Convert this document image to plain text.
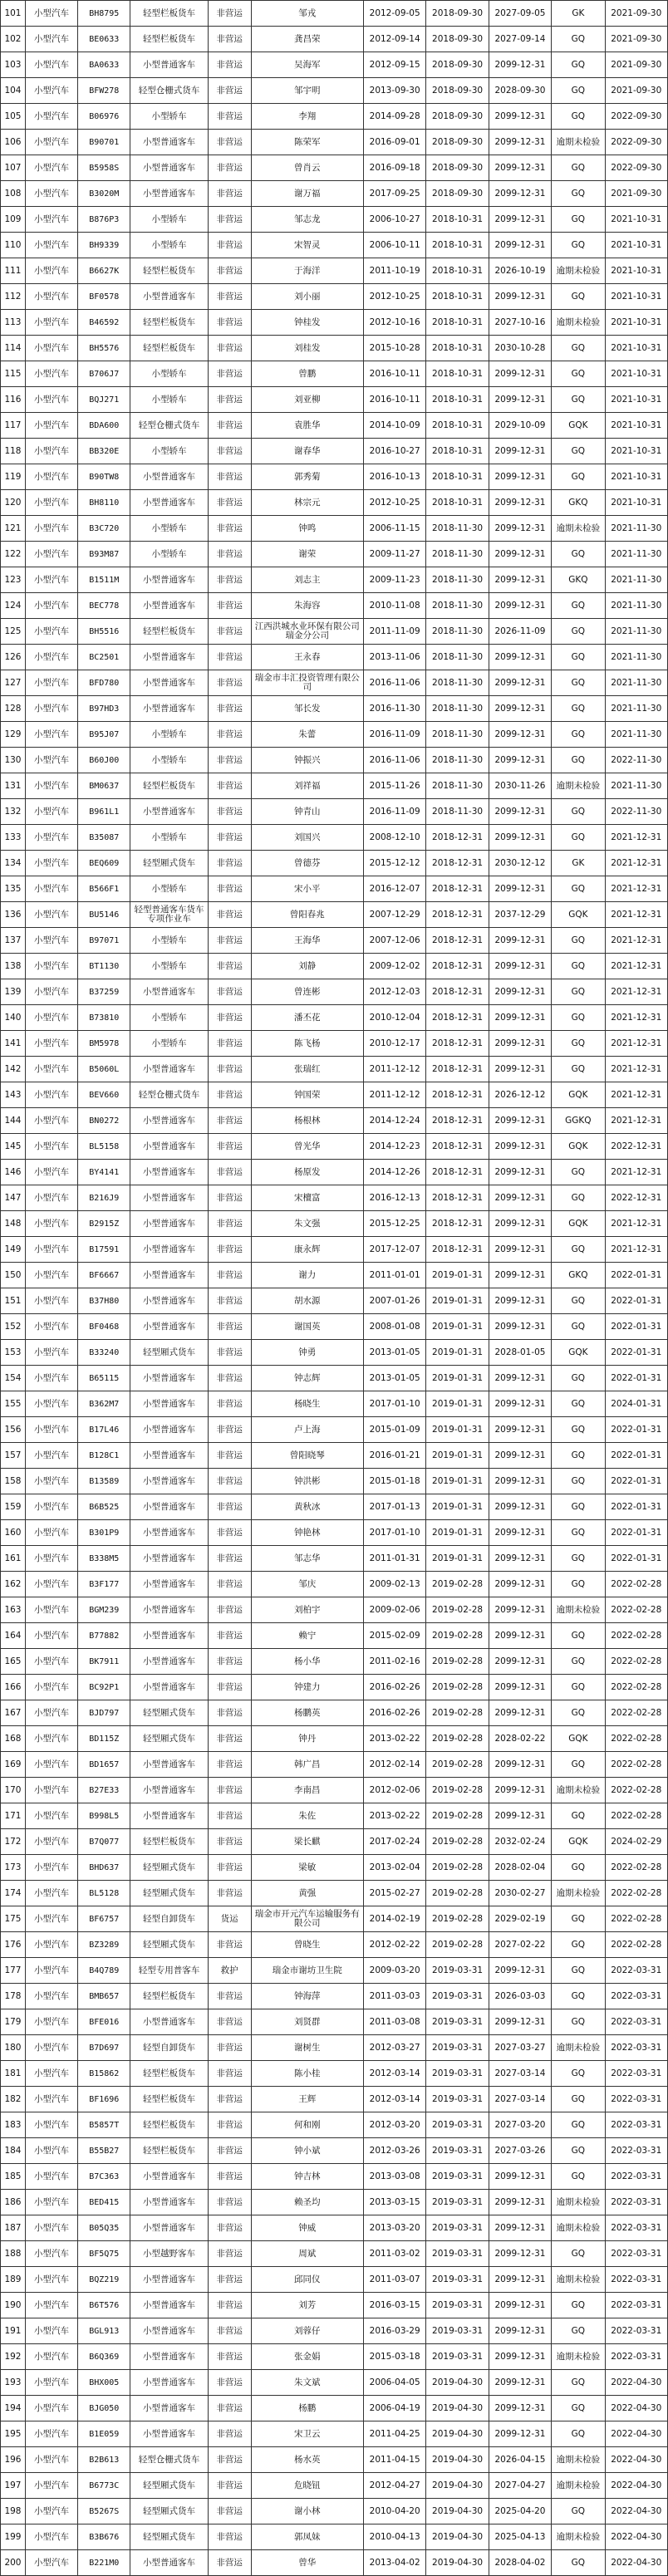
101	小型汽车	BH8795	轻型栏板货车	非营运	邹戎	2012-09-05	2018-09-30	2027-09-05	GK	2021-09-30
102	小型汽车	BE0633	轻型栏板货车	非营运	龚昌荣	2012-09-14	2018-09-30	2027-09-14	GQ	2021-09-30
103	小型汽车	BA0633	小型普通客车	非营运	吴海军	2012-09-15	2018-09-30	2099-12-31	GQ	2021-09-30
104	小型汽车	BFW278	轻型仓栅式货车	非营运	邹宇明	2013-09-30	2018-09-30	2028-09-30	GQ	2021-09-30
105	小型汽车	B06976	小型轿车	非营运	李翔	2014-09-28	2018-09-30	2099-12-31	GQ	2022-09-30
106	小型汽车	B90701	小型普通客车	非营运	陈荣军	2016-09-01	2018-09-30	2099-12-31	逾期未检验	2022-09-30
107	小型汽车	B5958S	小型普通客车	非营运	曾肖云	2016-09-18	2018-09-30	2099-12-31	GQ	2022-09-30
108	小型汽车	B3020M	小型普通客车	非营运	谢万福	2017-09-25	2018-09-30	2099-12-31	GQ	2021-09-30
109	小型汽车	B876P3	小型轿车	非营运	邹志龙	2006-10-27	2018-10-31	2099-12-31	GQ	2021-10-31
110	小型汽车	BH9339	小型轿车	非营运	宋智灵	2006-10-11	2018-10-31	2099-12-31	GQ	2021-10-31
111	小型汽车	B6627K	轻型栏板货车	非营运	于海洋	2011-10-19	2018-10-31	2026-10-19	逾期未检验	2021-10-31
112	小型汽车	BF0578	小型普通客车	非营运	刘小丽	2012-10-25	2018-10-31	2099-12-31	GQ	2021-10-31
113	小型汽车	B46592	轻型栏板货车	非营运	钟桂发	2012-10-16	2018-10-31	2027-10-16	逾期未检验	2021-10-31
114	小型汽车	BH5576	轻型栏板货车	非营运	刘桂发	2015-10-28	2018-10-31	2030-10-28	GQ	2021-10-31
115	小型汽车	B706J7	小型轿车	非营运	曾鹏	2016-10-11	2018-10-31	2099-12-31	GQ	2021-10-31
116	小型汽车	BQJ271	小型轿车	非营运	刘亚柳	2016-10-11	2018-10-31	2099-12-31	GQ	2021-10-31
117	小型汽车	BDA600	轻型仓栅式货车	非营运	袁胜华	2014-10-09	2018-10-31	2029-10-09	GQK	2021-10-31
118	小型汽车	BB320E	小型轿车	非营运	谢春华	2016-10-27	2018-10-31	2099-12-31	GQ	2021-10-31
119	小型汽车	B90TW8	小型普通客车	非营运	郭秀菊	2016-10-13	2018-10-31	2099-12-31	GQ	2021-10-31
120	小型汽车	BH8110	小型普通客车	非营运	林宗元	2012-10-25	2018-10-31	2099-12-31	GKQ	2021-10-31
121	小型汽车	B3C720	小型轿车	非营运	钟鸣	2006-11-15	2018-11-30	2099-12-31	逾期未检验	2021-11-30
122	小型汽车	B93M87	小型轿车	非营运	谢荣	2009-11-27	2018-11-30	2099-12-31	GQ	2021-11-30
123	小型汽车	B1511M	小型普通客车	非营运	刘志主	2009-11-23	2018-11-30	2099-12-31	GKQ	2021-11-30
124	小型汽车	BEC778	小型普通客车	非营运	朱海容	2010-11-08	2018-11-30	2099-12-31	GQ	2021-11-30
125	小型汽车	BH5516	轻型栏板货车	非营运	江西洪城水业环保有限公司瑞金分公司	2011-11-09	2018-11-30	2026-11-09	GQ	2021-11-30
126	小型汽车	BC2501	小型普通客车	非营运	王永春	2013-11-06	2018-11-30	2099-12-31	GQ	2021-11-30
127	小型汽车	BFD780	小型普通客车	非营运	瑞金市丰汇投资管理有限公司	2016-11-06	2018-11-30	2099-12-31	GQ	2021-11-30
128	小型汽车	B97HD3	小型普通客车	非营运	邹长发	2016-11-30	2018-11-30	2099-12-31	GQ	2021-11-30
129	小型汽车	B95J07	小型轿车	非营运	朱蕾	2016-11-09	2018-11-30	2099-12-31	GQ	2021-11-30
130	小型汽车	B60J00	小型轿车	非营运	钟振兴	2016-11-06	2018-11-30	2099-12-31	GQ	2022-11-30
131	小型汽车	BM0637	轻型栏板货车	非营运	刘祥福	2015-11-26	2018-11-30	2030-11-26	逾期未检验	2021-11-30
132	小型汽车	B961L1	小型普通客车	非营运	钟青山	2016-11-09	2018-11-30	2099-12-31	GQ	2022-11-30
133	小型汽车	B35087	小型轿车	非营运	刘国兴	2008-12-10	2018-12-31	2099-12-31	GQ	2021-12-31
134	小型汽车	BEQ609	轻型厢式货车	非营运	曾德芬	2015-12-12	2018-12-31	2030-12-12	GK	2021-12-31
135	小型汽车	B566F1	小型轿车	非营运	宋小平	2016-12-07	2018-12-31	2099-12-31	GQ	2021-12-31
136	小型汽车	BU5146	轻型普通客车货车专项作业车	非营运	曾阳春兆	2007-12-29	2018-12-31	2037-12-29	GQK	2021-12-31
137	小型汽车	B97071	小型轿车	非营运	王海华	2007-12-06	2018-12-31	2099-12-31	GQ	2021-12-31
138	小型汽车	BT1130	小型轿车	非营运	刘静	2009-12-02	2018-12-31	2099-12-31	GQ	2021-12-31
139	小型汽车	B37259	小型普通客车	非营运	曾连彬	2012-12-03	2018-12-31	2099-12-31	GQ	2021-12-31
140	小型汽车	B73810	小型轿车	非营运	潘丕花	2010-12-04	2018-12-31	2099-12-31	GQ	2021-12-31
141	小型汽车	BM5978	小型轿车	非营运	陈飞杨	2010-12-17	2018-12-31	2099-12-31	GQ	2021-12-31
142	小型汽车	B5060L	小型普通客车	非营运	张瑞红	2011-12-12	2018-12-31	2099-12-31	GQ	2021-12-31
143	小型汽车	BEV660	轻型仓栅式货车	非营运	钟国荣	2011-12-12	2018-12-31	2026-12-12	GQK	2021-12-31
144	小型汽车	BN0272	小型普通客车	非营运	杨根林	2014-12-24	2018-12-31	2099-12-31	GGKQ	2021-12-31
145	小型汽车	BL5158	小型普通客车	非营运	曾光华	2014-12-23	2018-12-31	2099-12-31	GQK	2022-12-31
146	小型汽车	BY4141	小型普通客车	非营运	杨原发	2014-12-26	2018-12-31	2099-12-31	GQ	2021-12-31
147	小型汽车	B216J9	小型普通客车	非营运	宋檀富	2016-12-13	2018-12-31	2099-12-31	GQ	2022-12-31
148	小型汽车	B2915Z	小型普通客车	非营运	朱文强	2015-12-25	2018-12-31	2099-12-31	GQK	2021-12-31
149	小型汽车	B17591	小型普通客车	非营运	康永辉	2017-12-07	2018-12-31	2099-12-31	GQ	2021-12-31
150	小型汽车	BF6667	小型普通客车	非营运	谢力	2011-01-01	2019-01-31	2099-12-31	GKQ	2022-01-31
151	小型汽车	B37H80	小型普通客车	非营运	胡水源	2007-01-26	2019-01-31	2099-12-31	GQ	2022-01-31
152	小型汽车	BF0468	小型普通客车	非营运	谢国英	2008-01-08	2019-01-31	2099-12-31	GQ	2022-01-31
153	小型汽车	B33240	轻型厢式货车	非营运	钟勇	2013-01-05	2019-01-31	2028-01-05	GQK	2022-01-31
154	小型汽车	B65115	小型普通客车	非营运	钟志辉	2013-01-05	2019-01-31	2099-12-31	GQ	2022-01-31
155	小型汽车	B362M7	小型普通客车	非营运	杨晓生	2017-01-10	2019-01-31	2099-12-31	GQ	2024-01-31
156	小型汽车	B17L46	小型普通客车	非营运	卢上海	2015-01-09	2019-01-31	2099-12-31	GQ	2022-01-31
157	小型汽车	B128C1	小型普通客车	非营运	曾阳晓琴	2016-01-21	2019-01-31	2099-12-31	GQ	2022-01-31
158	小型汽车	B13589	小型普通客车	非营运	钟洪彬	2015-01-18	2019-01-31	2099-12-31	GQ	2022-01-31
159	小型汽车	B6B525	小型普通客车	非营运	黄秋冰	2017-01-13	2019-01-31	2099-12-31	GQ	2022-01-31
160	小型汽车	B301P9	小型普通客车	非营运	钟艳林	2017-01-10	2019-01-31	2099-12-31	GQ	2022-01-31
161	小型汽车	B338M5	小型普通客车	非营运	邹志华	2011-01-31	2019-01-31	2099-12-31	GQ	2022-01-31
162	小型汽车	B3F177	小型普通客车	非营运	邹庆	2009-02-13	2019-02-28	2099-12-31	GQ	2022-02-28
163	小型汽车	BGM239	小型普通客车	非营运	刘柏宇	2009-02-06	2019-02-28	2099-12-31	逾期未检验	2022-02-28
164	小型汽车	B77882	小型普通客车	非营运	赖宁	2015-02-09	2019-02-28	2099-12-31	GQ	2022-02-28
165	小型汽车	BK7911	小型普通客车	非营运	杨小华	2011-02-16	2019-02-28	2099-12-31	GQ	2022-02-28
166	小型汽车	BC92P1	小型普通客车	非营运	钟建力	2016-02-26	2019-02-28	2099-12-31	GQ	2022-02-28
167	小型汽车	BJD797	轻型厢式货车	非营运	杨鹏英	2016-02-26	2019-02-28	2099-12-31	GQ	2022-02-28
168	小型汽车	BD115Z	轻型厢式货车	非营运	钟丹	2013-02-22	2019-02-28	2028-02-22	GQK	2022-02-28
169	小型汽车	BD1657	小型普通客车	非营运	韩广昌	2012-02-14	2019-02-28	2099-12-31	GQ	2022-02-28
170	小型汽车	B27E33	小型普通客车	非营运	李南昌	2012-02-06	2019-02-28	2099-12-31	逾期未检验	2022-02-28
171	小型汽车	B998L5	小型普通客车	非营运	朱佐	2013-02-22	2019-02-28	2099-12-31	GQ	2022-02-28
172	小型汽车	B7Q077	轻型栏板货车	非营运	梁长麒	2017-02-24	2019-02-28	2032-02-24	GQK	2024-02-29
173	小型汽车	BHD637	轻型厢式货车	非营运	梁敏	2013-02-04	2019-02-28	2028-02-04	GQ	2022-02-28
174	小型汽车	BL5128	轻型厢式货车	非营运	黄强	2015-02-27	2019-02-28	2030-02-27	逾期未检验	2022-02-28
175	小型汽车	BF6757	轻型自卸货车	货运	瑞金市开元汽车运输服务有限公司	2014-02-19	2019-02-28	2029-02-19	GQ	2022-02-28
176	小型汽车	BZ3289	轻型厢式货车	非营运	曾晓生	2012-02-22	2019-02-28	2027-02-22	GQ	2022-02-28
177	小型汽车	B4Q789	轻型专用普客车	救护	瑞金市谢坊卫生院	2009-03-20	2019-03-31	2099-12-31	GQ	2022-03-31
178	小型汽车	BMB657	轻型栏板货车	非营运	钟海萍	2011-03-03	2019-03-31	2026-03-03	GQ	2022-03-31
179	小型汽车	BFE016	小型普通客车	非营运	刘贤群	2011-03-08	2019-03-31	2099-12-31	GQ	2022-03-31
180	小型汽车	B7D697	轻型自卸货车	非营运	谢树生	2012-03-27	2019-03-31	2027-03-27	逾期未检验	2022-03-31
181	小型汽车	B15862	轻型栏板货车	非营运	陈小桂	2012-03-14	2019-03-31	2027-03-14	GQ	2022-03-31
182	小型汽车	BF1696	轻型栏板货车	非营运	王辉	2012-03-14	2019-03-31	2027-03-14	GQ	2022-03-31
183	小型汽车	B5857T	轻型栏板货车	非营运	何和刚	2012-03-20	2019-03-31	2027-03-20	GQ	2022-03-31
184	小型汽车	B55B27	轻型栏板货车	非营运	钟小斌	2012-03-26	2019-03-31	2027-03-26	GQ	2022-03-31
185	小型汽车	B7C363	小型普通客车	非营运	钟吉林	2013-03-08	2019-03-31	2099-12-31	GQ	2022-03-31
186	小型汽车	BED415	小型普通客车	非营运	赖圣均	2013-03-15	2019-03-31	2099-12-31	逾期未检验	2022-03-31
187	小型汽车	B05Q35	小型普通客车	非营运	钟威	2013-03-20	2019-03-31	2099-12-31	逾期未检验	2022-03-31
188	小型汽车	BF5Q75	小型越野客车	非营运	周斌	2011-03-02	2019-03-31	2099-12-31	GQ	2022-03-31
189	小型汽车	BQZ219	小型普通客车	非营运	邱同仪	2011-03-07	2019-03-31	2099-12-31	逾期未检验	2022-03-31
190	小型汽车	B6T576	小型普通客车	非营运	刘芳	2016-03-15	2019-03-31	2099-12-31	GQ	2022-03-31
191	小型汽车	BGL913	小型普通客车	非营运	刘蓉仔	2016-03-29	2019-03-31	2099-12-31	GQ	2022-03-31
192	小型汽车	B6Q369	小型普通客车	非营运	张金娟	2015-03-18	2019-03-31	2099-12-31	逾期未检验	2022-03-31
193	小型汽车	BHX005	小型普通客车	非营运	朱文斌	2006-04-05	2019-04-30	2099-12-31	GQ	2022-04-30
194	小型汽车	BJG050	小型普通客车	非营运	杨鹏	2006-04-19	2019-04-30	2099-12-31	GQ	2022-04-30
195	小型汽车	B1E059	小型普通客车	非营运	宋卫云	2011-04-25	2019-04-30	2099-12-31	GQ	2022-04-30
196	小型汽车	B2B613	轻型仓栅式货车	非营运	杨水英	2011-04-15	2019-04-30	2026-04-15	逾期未检验	2022-04-30
197	小型汽车	B6773C	轻型厢式货车	非营运	危晓钮	2012-04-27	2019-04-30	2027-04-27	逾期未检验	2022-04-30
198	小型汽车	B5267S	轻型厢式货车	非营运	谢小林	2010-04-20	2019-04-30	2025-04-20	GQ	2022-04-30
199	小型汽车	B3B676	轻型厢式货车	非营运	郭凤妹	2010-04-13	2019-04-30	2025-04-13	逾期未检验	2022-04-30
200	小型汽车	B221M0	小型普通客车	非营运	曾华	2013-04-02	2019-04-30	2028-04-02	GQ	2022-04-30
